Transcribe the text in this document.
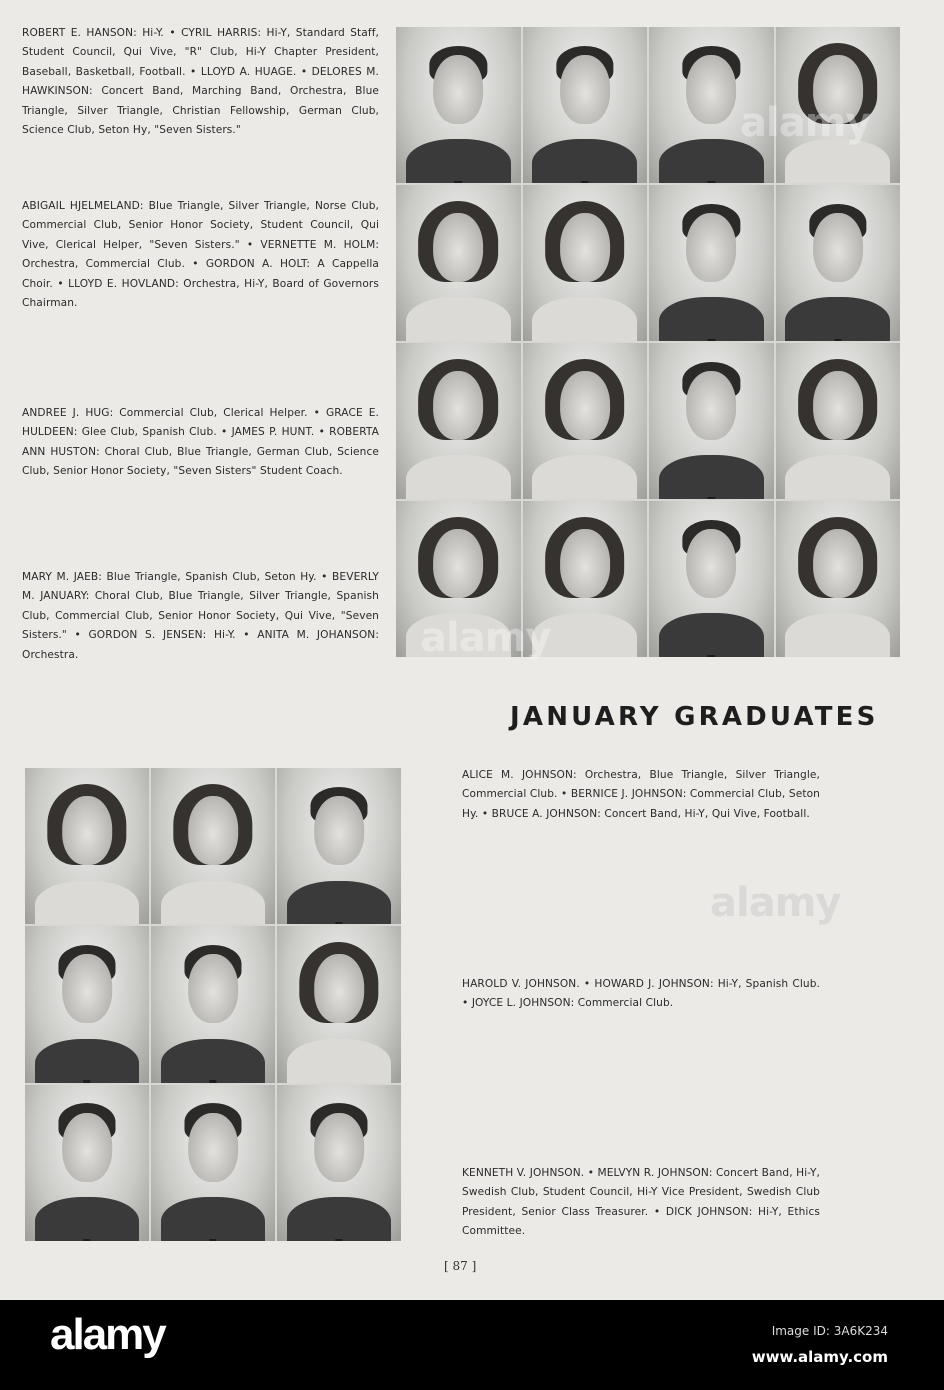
ROBERT E. HANSON: Hi-Y. • CYRIL HARRIS: Hi-Y, Standard Staff, Student Council, Qui Vive, "R" Club, Hi-Y Chapter President, Baseball, Basketball, Football. • LLOYD A. HUAGE. • DELORES M. HAWKINSON: Concert Band, Marching Band, Orchestra, Blue Triangle, Silver Triangle, Christian Fellowship, German Club, Science Club, Seton Hy, "Seven Sisters."
ABIGAIL HJELMELAND: Blue Triangle, Silver Triangle, Norse Club, Commercial Club, Senior Honor Society, Student Council, Qui Vive, Clerical Helper, "Seven Sisters." • VERNETTE M. HOLM: Orchestra, Commercial Club. • GORDON A. HOLT: A Cappella Choir. • LLOYD E. HOVLAND: Orchestra, Hi-Y, Board of Governors Chairman.
ANDREE J. HUG: Commercial Club, Clerical Helper. • GRACE E. HULDEEN: Glee Club, Spanish Club. • JAMES P. HUNT. • ROBERTA ANN HUSTON: Choral Club, Blue Triangle, German Club, Science Club, Senior Honor Society, "Seven Sisters" Student Coach.
MARY M. JAEB: Blue Triangle, Spanish Club, Seton Hy. • BEVERLY M. JANUARY: Choral Club, Blue Triangle, Silver Triangle, Spanish Club, Commercial Club, Senior Honor Society, Qui Vive, "Seven Sisters." • GORDON S. JENSEN: Hi-Y. • ANITA M. JOHANSON: Orchestra.
JANUARY GRADUATES
ALICE M. JOHNSON: Orchestra, Blue Triangle, Silver Triangle, Commercial Club. • BERNICE J. JOHNSON: Commercial Club, Seton Hy. • BRUCE A. JOHNSON: Concert Band, Hi-Y, Qui Vive, Football.
HAROLD V. JOHNSON. • HOWARD J. JOHNSON: Hi-Y, Spanish Club. • JOYCE L. JOHNSON: Commercial Club.
KENNETH V. JOHNSON. • MELVYN R. JOHNSON: Concert Band, Hi-Y, Swedish Club, Student Council, Hi-Y Vice President, Swedish Club President, Senior Class Treasurer. • DICK JOHNSON: Hi-Y, Ethics Committee.
[ 87 ]
alamy
alamy
alamy
alamy	Image ID: 3A6K234
www.alamy.com
